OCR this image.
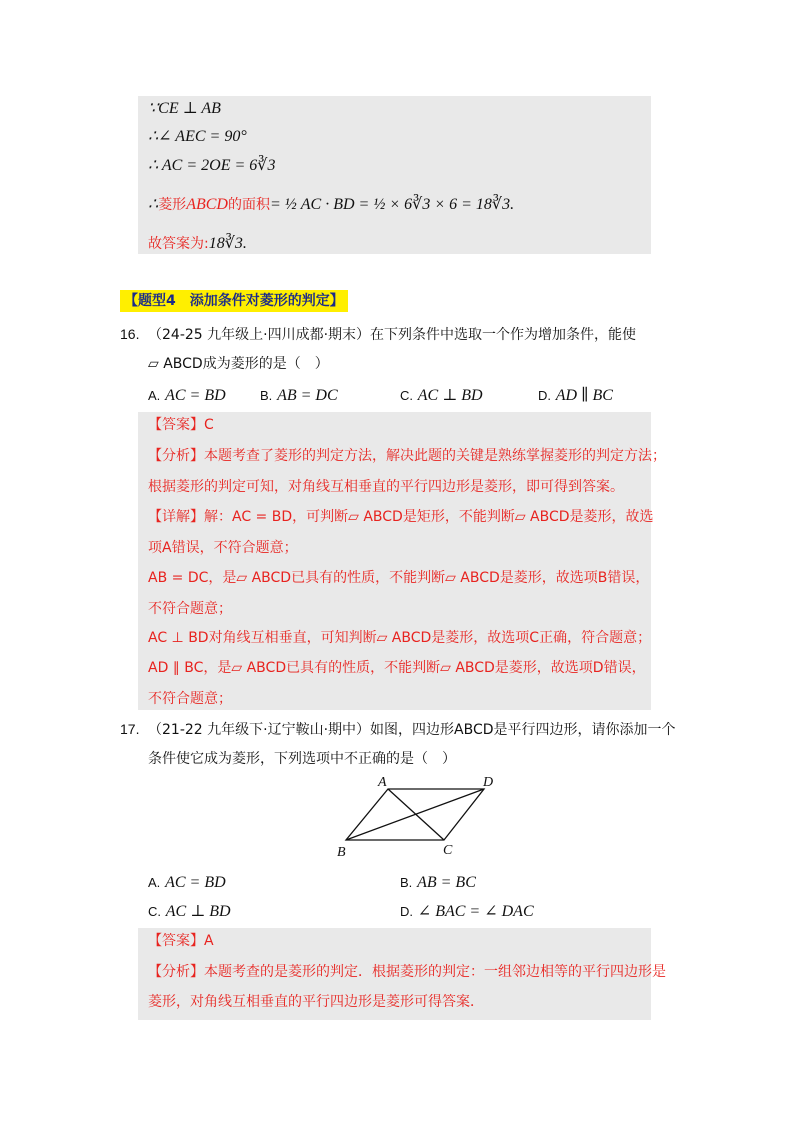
∵CE ⊥ AB
∴∠ AEC = 90°
∴ AC = 2OE = 6∛3
∴菱形ABCD的面积= ½ AC · BD = ½ × 6∛3 × 6 = 18∛3.
故答案为:18∛3.
【题型4　添加条件对菱形的判定】
16. （24-25 九年级上·四川成都·期末）在下列条件中选取一个作为增加条件，能使
▱ ABCD成为菱形的是（　）
A. AC = BD	B. AB = DC	C. AC ⊥ BD	D. AD ∥ BC
【答案】C
【分析】本题考查了菱形的判定方法，解决此题的关键是熟练掌握菱形的判定方法；
根据菱形的判定可知，对角线互相垂直的平行四边形是菱形，即可得到答案。
【详解】解：AC = BD，可判断▱ ABCD是矩形，不能判断▱ ABCD是菱形，故选
项A错误，不符合题意；
AB = DC，是▱ ABCD已具有的性质，不能判断▱ ABCD是菱形，故选项B错误，
不符合题意；
AC ⊥ BD对角线互相垂直，可知判断▱ ABCD是菱形，故选项C正确，符合题意；
AD ∥ BC，是▱ ABCD已具有的性质，不能判断▱ ABCD是菱形，故选项D错误，
不符合题意；
17. （21-22 九年级下·辽宁鞍山·期中）如图，四边形ABCD是平行四边形，请你添加一个
条件使它成为菱形，下列选项中不正确的是（　）
A	D
B	C
A. AC = BD	B. AB = BC
C. AC ⊥ BD	D. ∠ BAC = ∠ DAC
【答案】A
【分析】本题考查的是菱形的判定．根据菱形的判定：一组邻边相等的平行四边形是
菱形，对角线互相垂直的平行四边形是菱形可得答案．
